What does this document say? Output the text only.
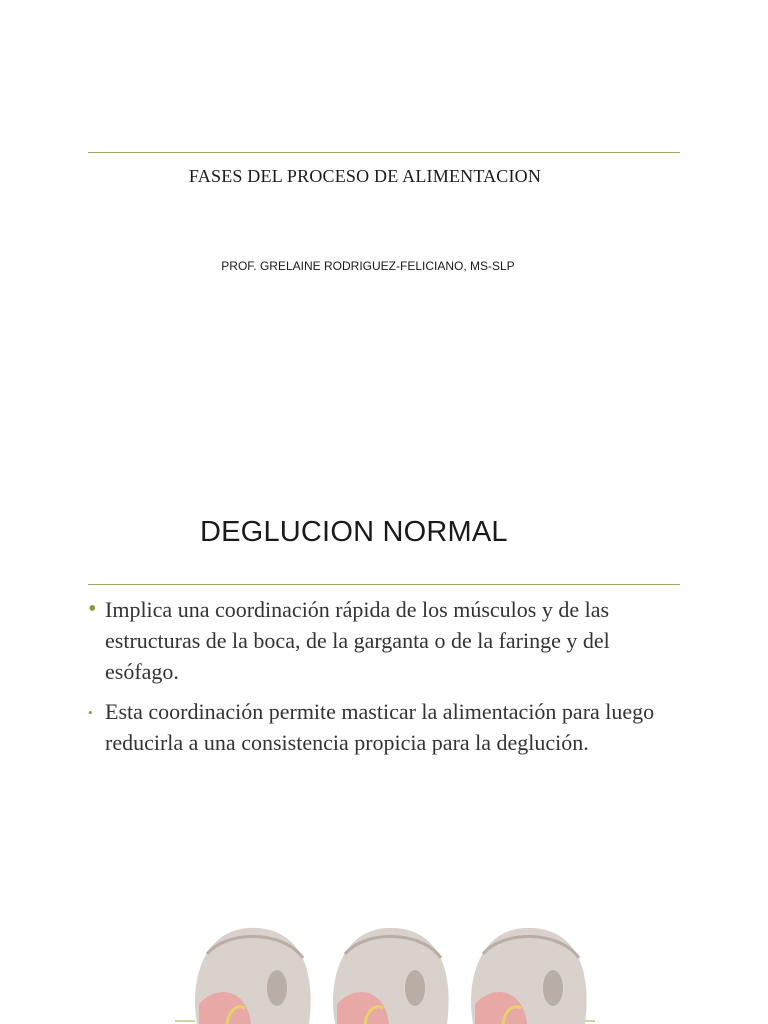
FASES DEL PROCESO DE ALIMENTACION
PROF. GRELAINE RODRIGUEZ-FELICIANO, MS-SLP
DEGLUCION NORMAL
• Implica una coordinación rápida de los músculos y de las estructuras de la boca, de la garganta o de la faringe y del esófago.
• Esta coordinación permite masticar la alimentación para luego reducirla a una consistencia propicia para la deglución.
